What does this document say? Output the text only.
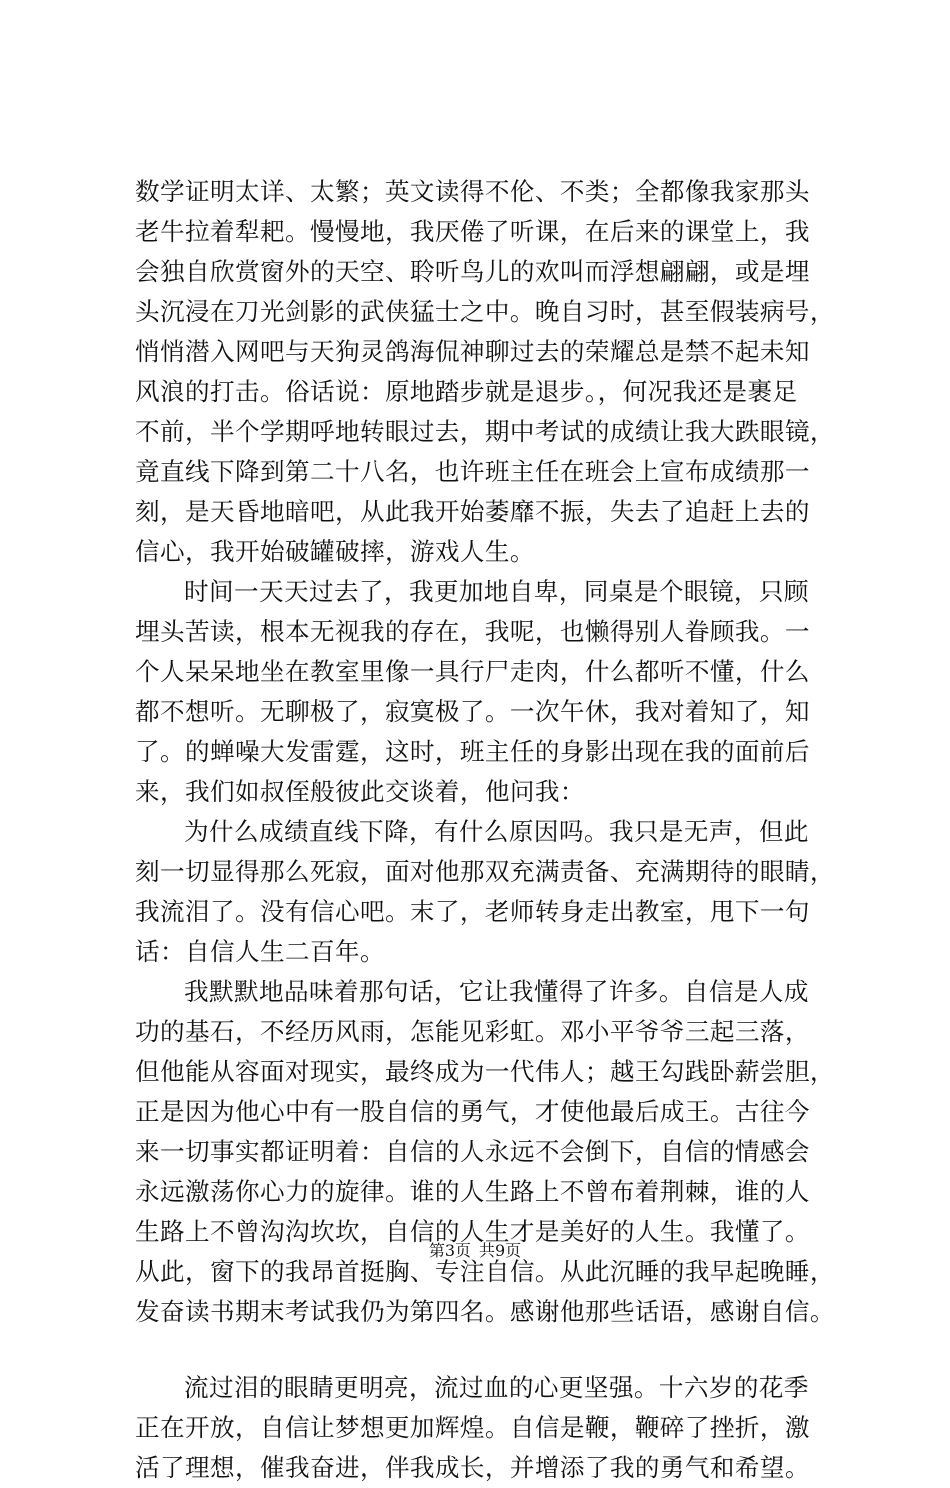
数学证明太详、太繁；英文读得不伦、不类；全都像我家那头
老牛拉着犁耙。慢慢地，我厌倦了听课，在后来的课堂上，我
会独自欣赏窗外的天空、聆听鸟儿的欢叫而浮想翩翩，或是埋
头沉浸在刀光剑影的武侠猛士之中。晚自习时，甚至假装病号，
悄悄潜入网吧与天狗灵鸽海侃神聊过去的荣耀总是禁不起未知
风浪的打击。俗话说：原地踏步就是退步。，何况我还是裹足
不前，半个学期呼地转眼过去，期中考试的成绩让我大跌眼镜，
竟直线下降到第二十八名，也许班主任在班会上宣布成绩那一
刻，是天昏地暗吧，从此我开始萎靡不振，失去了追赶上去的
信心，我开始破罐破摔，游戏人生。
时间一天天过去了，我更加地自卑，同桌是个眼镜，只顾
埋头苦读，根本无视我的存在，我呢，也懒得别人眷顾我。一
个人呆呆地坐在教室里像一具行尸走肉，什么都听不懂，什么
都不想听。无聊极了，寂寞极了。一次午休，我对着知了，知
了。的蝉噪大发雷霆，这时，班主任的身影出现在我的面前后
来，我们如叔侄般彼此交谈着，他问我：
为什么成绩直线下降，有什么原因吗。我只是无声，但此
刻一切显得那么死寂，面对他那双充满责备、充满期待的眼睛，
我流泪了。没有信心吧。末了，老师转身走出教室，甩下一句
话：自信人生二百年。
我默默地品味着那句话，它让我懂得了许多。自信是人成
功的基石，不经历风雨，怎能见彩虹。邓小平爷爷三起三落，
但他能从容面对现实，最终成为一代伟人；越王勾践卧薪尝胆，
正是因为他心中有一股自信的勇气，才使他最后成王。古往今
来一切事实都证明着：自信的人永远不会倒下，自信的情感会
永远激荡你心力的旋律。谁的人生路上不曾布着荆棘，谁的人
生路上不曾沟沟坎坎，自信的人生才是美好的人生。我懂了。
从此，窗下的我昂首挺胸、专注自信。从此沉睡的我早起晚睡，
发奋读书期末考试我仍为第四名。感谢他那些话语，感谢自信。
流过泪的眼睛更明亮，流过血的心更坚强。十六岁的花季
正在开放，自信让梦想更加辉煌。自信是鞭，鞭碎了挫折，激
活了理想，催我奋进，伴我成长，并增添了我的勇气和希望。
第3页 共9页
